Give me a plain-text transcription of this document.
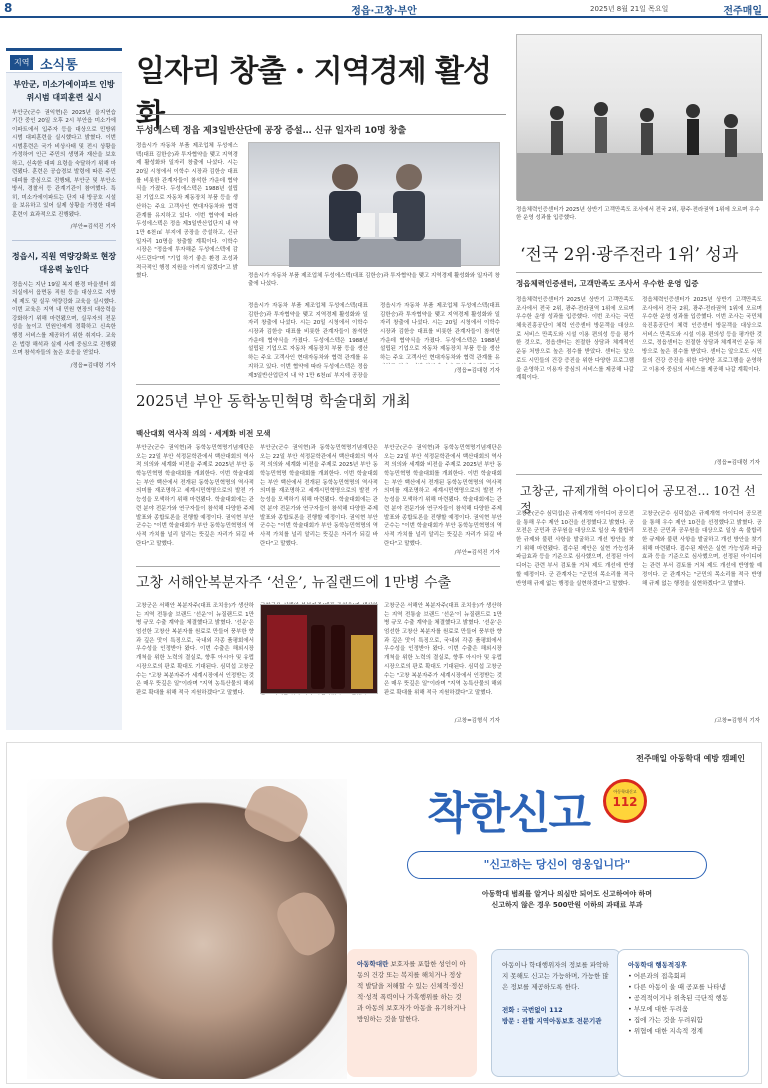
8	정읍·고창·부안	2025년 8월 21일 목요일	전주매일
지역 소식통
부안군, 미소가에이파트 인방위시범 대피훈련 실시

부안군(군수 권익현)은 2025년 을지연습 기간 중인 20일 오후 2시 부안읍 미소가에이파트에서 입주자 등을 대상으로 민방위 시범 대피훈련을 실시했다고 밝혔다. 이번 시범훈련은 국가 비상사태 및 전시 상황을 가정하여 인근 주민의 생명과 재산을 보호하고, 신속한 대피 요령을 숙달하기 위해 마련됐다. 훈련은 공습경보 발령에 따른 주민 대피를 중심으로 진행돼, 부안군 및 부안소방서, 경찰서 등 관계기관이 참여했다. 특히, 미소가에이파트는 단지 내 방공호 시설을 보유하고 있어 실제 상황을 가정한 대피 훈련이 효과적으로 진행됐다.

/부안=김석진 기자
정읍시, 직원 역량강화로 현장 대응력 높인다

정읍시는 지난 19일 복지 환경 마을센터 회의실에서 읍면동 직원 등을 대상으로 지방세 제도 및 실무 역량강화 교육을 실시했다. 이번 교육은 지역 내 민원 현장의 대응력을 강화하기 위해 마련됐으며, 실무자의 전문성을 높이고 민원인에게 정확하고 신속한 행정 서비스를 제공하기 위한 취지다. 교육은 법령 해석과 실제 사례 중심으로 진행됐으며 참석자들의 높은 호응을 얻었다.

/정읍=김대령 기자
일자리 창출 · 지역경제 활성화
두성에스텍 정읍 제3일반산단에 공장 증설… 신규 일자리 10명 창출
정읍시가 자동차 부품 제조업체 두성에스텍(대표 김한승)과 투자협약을 맺고 지역경제 활성화와 일자리 창출에 나섰다. 시는 20일 시청에서 이학수 시장과 김한승 대표를 비롯한 관계자들이 참석한 가운데 협약식을 가졌다. 두성에스텍은 1988년 설립된 기업으로 자동차 제동장치 부품 등을 생산하는 주요 고객사인 현대자동차와 협력 관계를 유지하고 있다. 이번 협약에 따라 두성에스텍은 정읍 제3일반산업단지 내 약 1만 6천㎡ 부지에 공장을 증설하고, 신규 일자리 10명을 창출할 계획이다. 이학수 시장은 "정읍에 투자해준 두성에스텍에 감사드린다"며 "기업 하기 좋은 환경 조성과 적극적인 행정 지원을 아끼지 않겠다"고 밝혔다.	정읍시가 자동차 부품 제조업체 두성에스텍(대표 김한승)과 투자협약을 맺고 지역경제 활성화와 일자리 창출에 나섰다.
정읍시가 자동차 부품 제조업체 두성에스텍(대표 김한승)과 투자협약을 맺고 지역경제 활성화와 일자리 창출에 나섰다. 시는 20일 시청에서 이학수 시장과 김한승 대표를 비롯한 관계자들이 참석한 가운데 협약식을 가졌다. 두성에스텍은 1988년 설립된 기업으로 자동차 제동장치 부품 등을 생산하는 주요 고객사인 현대자동차와 협력 관계를 유지하고 있다. 이번 협약에 따라 두성에스텍은 정읍 제3일반산업단지 내 약 1만 6천㎡ 부지에 공장을
정읍시가 자동차 부품 제조업체 두성에스텍(대표 김한승)과 투자협약을 맺고 지역경제 활성화와 일자리 창출에 나섰다. 시는 20일 시청에서 이학수 시장과 김한승 대표를 비롯한 관계자들이 참석한 가운데 협약식을 가졌다. 두성에스텍은 1988년 설립된 기업으로 자동차 제동장치 부품 등을 생산하는 주요 고객사인 현대자동차와 협력 관계를 유
/정읍=김대령 기자
2025년 부안 동학농민혁명 학술대회 개최
백산대회 역사적 의의 · 세계화 비전 모색
부안군(군수 권익현)과 동학농민혁명기념재단은 오는 22일 부안 석정문학관에서 백산대회의 역사적 의의와 세계화 비전을 주제로 2025년 부안 동학농민혁명 학술대회를 개최한다. 이번 학술대회는 부안 백산에서 전개된 동학농민혁명의 역사적 의미를 재조명하고 세계시민혁명으로의 발전 가능성을 모색하기 위해 마련됐다. 학술대회에는 관련 분야 전문가와 연구자들이 참석해 다양한 주제 발표와 종합토론을 진행할 예정이다. 권익현 부안군수는 "이번 학술대회가 부안 동학농민혁명의 역사적 가치를 널리 알리는 뜻깊은 자리가 되길 바란다"고 말했다.
부안군(군수 권익현)과 동학농민혁명기념재단은 오는 22일 부안 석정문학관에서 백산대회의 역사적 의의와 세계화 비전을 주제로 2025년 부안 동학농민혁명 학술대회를 개최한다. 이번 학술대회는 부안 백산에서 전개된 동학농민혁명의 역사적 의미를 재조명하고 세계시민혁명으로의 발전 가능성을 모색하기 위해 마련됐다. 학술대회에는 관련 분야 전문가와 연구자들이 참석해 다양한 주제 발표와 종합토론을 진행할 예정이다. 권익현 부안군수는 "이번 학술대회가 부안 동학농민혁명의 역사적 가치를 널리 알리는 뜻깊은 자리가 되길 바란다"고 말했다.
부안군(군수 권익현)과 동학농민혁명기념재단은 오는 22일 부안 석정문학관에서 백산대회의 역사적 의의와 세계화 비전을 주제로 2025년 부안 동학농민혁명 학술대회를 개최한다. 이번 학술대회는 부안 백산에서 전개된 동학농민혁명의 역사적 의미를 재조명하고 세계시민혁명으로의 발전 가능성을 모색하기 위해 마련됐다. 학술대회에는 관련 분야 전문가와 연구자들이 참석해 다양한 주제 발표와 종합토론을 진행할 예정이다. 권익현 부안군수는 "이번 학술대회가 부안 동학농민혁명의 역사적 가치를 널리 알리는 뜻깊은 자리가 되길 바란다"고 말했다.
/부안=김석진 기자
고창 서해안복분자주 ‘선운’, 뉴질랜드에 1만병 수출
고창군은 서해안 복분자주(대표 조치웅)가 생산하는 지역 전통술 브랜드 ‘선운’이 뉴질랜드로 1만병 규모 수출 계약을 체결했다고 밝혔다. ‘선운’은 엄선한 고창산 복분자를 원료로 만들어 풍부한 향과 깊은 맛이 특징으로, 국내외 각종 품평회에서 우수성을 인정받아 왔다. 이번 수출은 해외시장 개척을 위한 노력의 결실로, 향후 아시아 및 유럽 시장으로의 판로 확대도 기대된다. 심덕섭 고창군수는 "고창 복분자주가 세계시장에서 인정받는 것은 매우 뜻깊은 일"이라며 "지역 농특산물의 해외 판로 확대를 위해 적극 지원하겠다"고 말했다.
고창군은 서해안 복분자주(대표 조치웅)가 생산하는 지역 전통술 브랜드 ‘선운’이 뉴질랜드로 1만병 규모 수출 계약을 체결했다고 밝혔다. ‘선운’은 엄선한 고창산 복분자를 원료로 만들어 풍부한 향과 깊은 맛이 특징으로, 국내외 각종 품평회에서 우수성을 인정받아 왔다. 이번 수출은 해외시장 개척을 위한 노력의 결실로, 향후 아시아 및 유럽 시장으로의 판로 확대도 기대된다. 심덕섭 고창군수는 "고창 복분자주가 세계시장에서 인정받는 것은 매우 뜻깊은 일"이라며 "지역 농특산물의 해외 판로 확대를 위해 적극 지원하겠다"고 말했다.
/고창=김형식 기자
정읍체력인증센터가 2025년 상반기 고객만족도 조사에서 전국 2위, 광주·전라권역 1위에 오르며 우수한 운영 성과를 입증했다.
‘전국 2위·광주전라 1위’ 성과
정읍체력인증센터, 고객만족도 조사서 우수한 운영 입증
정읍체력인증센터가 2025년 상반기 고객만족도 조사에서 전국 2위, 광주·전라권역 1위에 오르며 우수한 운영 성과를 입증했다. 이번 조사는 국민체육진흥공단이 체력 인증센터 방문객을 대상으로 서비스 만족도와 시설 이용 편의성 등을 평가한 것으로, 정읍센터는 친절한 상담과 체계적인 운동 처방으로 높은 점수를 받았다. 센터는 앞으로도 시민들의 건강 증진을 위한 다양한 프로그램을 운영하고 이용자 중심의 서비스를 제공해 나갈 계획이다.
정읍체력인증센터가 2025년 상반기 고객만족도 조사에서 전국 2위, 광주·전라권역 1위에 오르며 우수한 운영 성과를 입증했다. 이번 조사는 국민체육진흥공단이 체력 인증센터 방문객을 대상으로 서비스 만족도와 시설 이용 편의성 등을 평가한 것으로, 정읍센터는 친절한 상담과 체계적인 운동 처방으로 높은 점수를 받았다. 센터는 앞으로도 시민들의 건강 증진을 위한 다양한 프로그램을 운영하고 이용자 중심의 서비스를 제공해 나갈 계획이다.
/정읍=김대령 기자
고창군, 규제개혁 아이디어 공모전… 10건 선정
고창군(군수 심덕섭)은 규제개혁 아이디어 공모전을 통해 우수 제안 10건을 선정했다고 밝혔다. 공모전은 군민과 공무원을 대상으로 일상 속 불합리한 규제와 불편 사항을 발굴하고 개선 방안을 찾기 위해 마련됐다. 접수된 제안은 실현 가능성과 파급효과 등을 기준으로 심사했으며, 선정된 아이디어는 관련 부서 검토를 거쳐 제도 개선에 반영할 예정이다. 군 관계자는 "군민의 목소리를 적극 반영해 규제 없는 행정을 실현하겠다"고 말했다.
고창군(군수 심덕섭)은 규제개혁 아이디어 공모전을 통해 우수 제안 10건을 선정했다고 밝혔다. 공모전은 군민과 공무원을 대상으로 일상 속 불합리한 규제와 불편 사항을 발굴하고 개선 방안을 찾기 위해 마련됐다. 접수된 제안은 실현 가능성과 파급효과 등을 기준으로 심사했으며, 선정된 아이디어는 관련 부서 검토를 거쳐 제도 개선에 반영할 예정이다. 군 관계자는 "군민의 목소리를 적극 반영해 규제 없는 행정을 실현하겠다"고 말했다.
/고창=김형식 기자
전주매일 아동학대 예방 캠페인
착한신고	아동학대신고
112
"신고하는 당신이 영웅입니다"
아동학대 범죄를 알거나 의심만 되어도 신고하여야 하며
신고하지 않은 경우 500만원 이하의 과태료 부과
아동학대란 보호자를 포함한 성인이 아동의 건강 또는 복지를 해치거나 정상적 발달을 저해할 수 있는 신체적·정신적·성적 폭력이나 가혹행위를 하는 것과 아동의 보호자가 아동을 유기하거나 방임하는 것을 말한다.
아동이나 학대행위자의 정보를 파악하지 못해도 신고는 가능하며, 가능한 많은 정보를 제공하도록 한다.
전화 : 국번없이 112
방문 : 관할 지역아동보호 전문기관
아동학대 행동적징후
• 어른과의 접촉회피
• 다른 아동이 울 때 공포를 나타냄
• 공격적이거나 위축된 극단적 행동
• 부모에 대한 두려움
• 집에 가는 것을 두려워함
• 위협에 대한 지속적 경계
